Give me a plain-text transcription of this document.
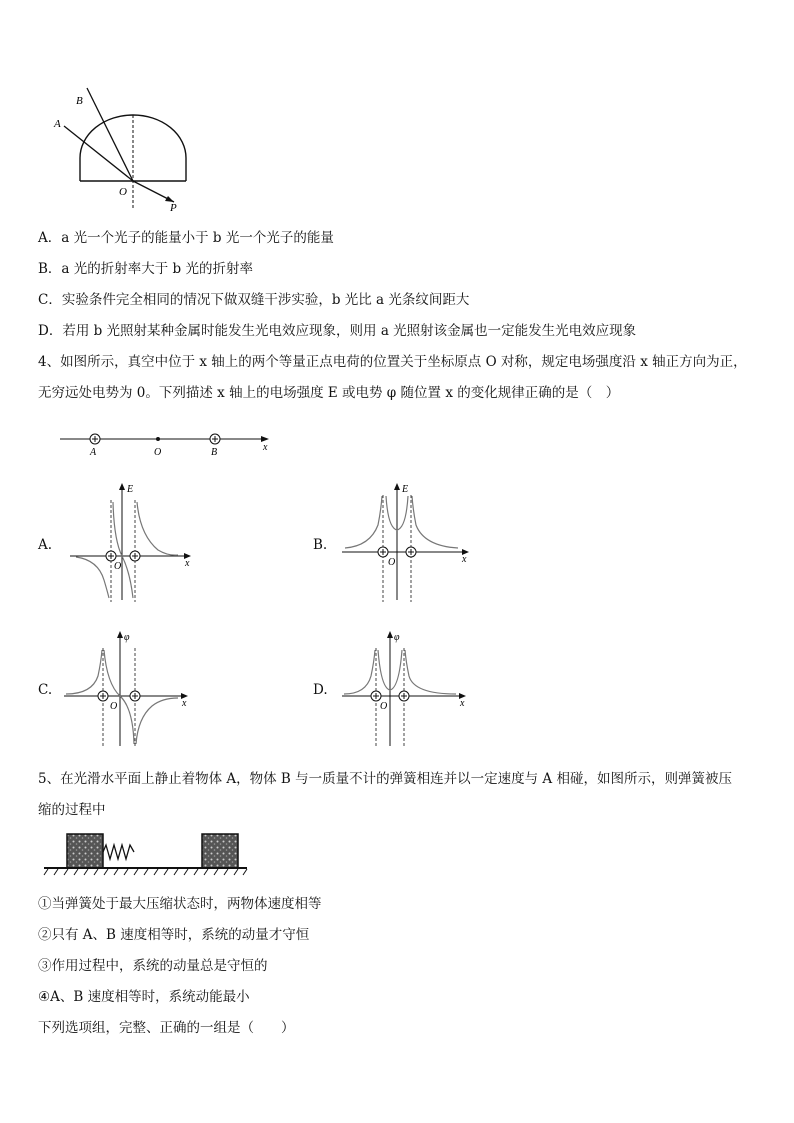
B
A
O
P
A．a 光一个光子的能量小于 b 光一个光子的能量
B．a 光的折射率大于 b 光的折射率
C．实验条件完全相同的情况下做双缝干涉实验，b 光比 a 光条纹间距大
D．若用 b 光照射某种金属时能发生光电效应现象，则用 a 光照射该金属也一定能发生光电效应现象
4、如图所示，真空中位于 x 轴上的两个等量正点电荷的位置关于坐标原点 O 对称，规定电场强度沿 x 轴正方向为正，
无穷远处电势为 0。下列描述 x 轴上的电场强度 E 或电势 φ 随位置 x 的变化规律正确的是（　）
A	O	B	x
A.
E
O	x
B.
E
O	x
C.
φ
O	x
D.
φ
O	x
5、在光滑水平面上静止着物体 A，物体 B 与一质量不计的弹簧相连并以一定速度与 A 相碰，如图所示，则弹簧被压
缩的过程中
①当弹簧处于最大压缩状态时，两物体速度相等
②只有 A、B 速度相等时，系统的动量才守恒
③作用过程中，系统的动量总是守恒的
④A、B 速度相等时，系统动能最小
下列选项组，完整、正确的一组是（　　）
